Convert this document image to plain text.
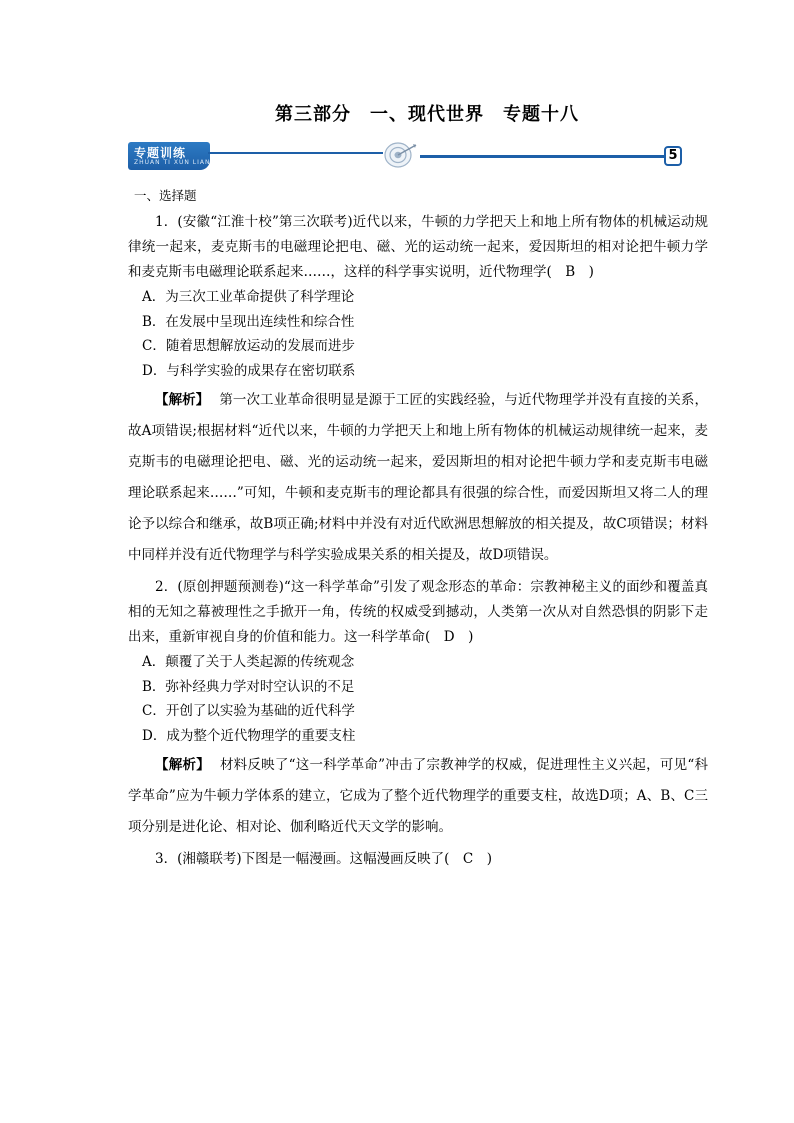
第三部分　一、现代世界　专题十八
专题训练
ZHUAN TI XUN LIAN	5
一、选择题

1．(安徽“江淮十校”第三次联考)近代以来，牛顿的力学把天上和地上所有物体的机械运动规律统一起来，麦克斯韦的电磁理论把电、磁、光的运动统一起来，爱因斯坦的相对论把牛顿力学和麦克斯韦电磁理论联系起来……，这样的科学事实说明，近代物理学(　B　)

A．为三次工业革命提供了科学理论

B．在发展中呈现出连续性和综合性

C．随着思想解放运动的发展而进步

D．与科学实验的成果存在密切联系

【解析】 第一次工业革命很明显是源于工匠的实践经验，与近代物理学并没有直接的关系，故A项错误;根据材料“近代以来，牛顿的力学把天上和地上所有物体的机械运动规律统一起来，麦克斯韦的电磁理论把电、磁、光的运动统一起来，爱因斯坦的相对论把牛顿力学和麦克斯韦电磁理论联系起来……”可知，牛顿和麦克斯韦的理论都具有很强的综合性，而爱因斯坦又将二人的理论予以综合和继承，故B项正确;材料中并没有对近代欧洲思想解放的相关提及，故C项错误；材料中同样并没有近代物理学与科学实验成果关系的相关提及，故D项错误。

2．(原创押题预测卷)“这一科学革命”引发了观念形态的革命：宗教神秘主义的面纱和覆盖真相的无知之幕被理性之手掀开一角，传统的权威受到撼动，人类第一次从对自然恐惧的阴影下走出来，重新审视自身的价值和能力。这一科学革命(　D　)

A．颠覆了关于人类起源的传统观念

B．弥补经典力学对时空认识的不足

C．开创了以实验为基础的近代科学

D．成为整个近代物理学的重要支柱

【解析】 材料反映了“这一科学革命”冲击了宗教神学的权威，促进理性主义兴起，可见“科学革命”应为牛顿力学体系的建立，它成为了整个近代物理学的重要支柱，故选D项；A、B、C三项分别是进化论、相对论、伽利略近代天文学的影响。

3．(湘赣联考)下图是一幅漫画。这幅漫画反映了(　C　)
